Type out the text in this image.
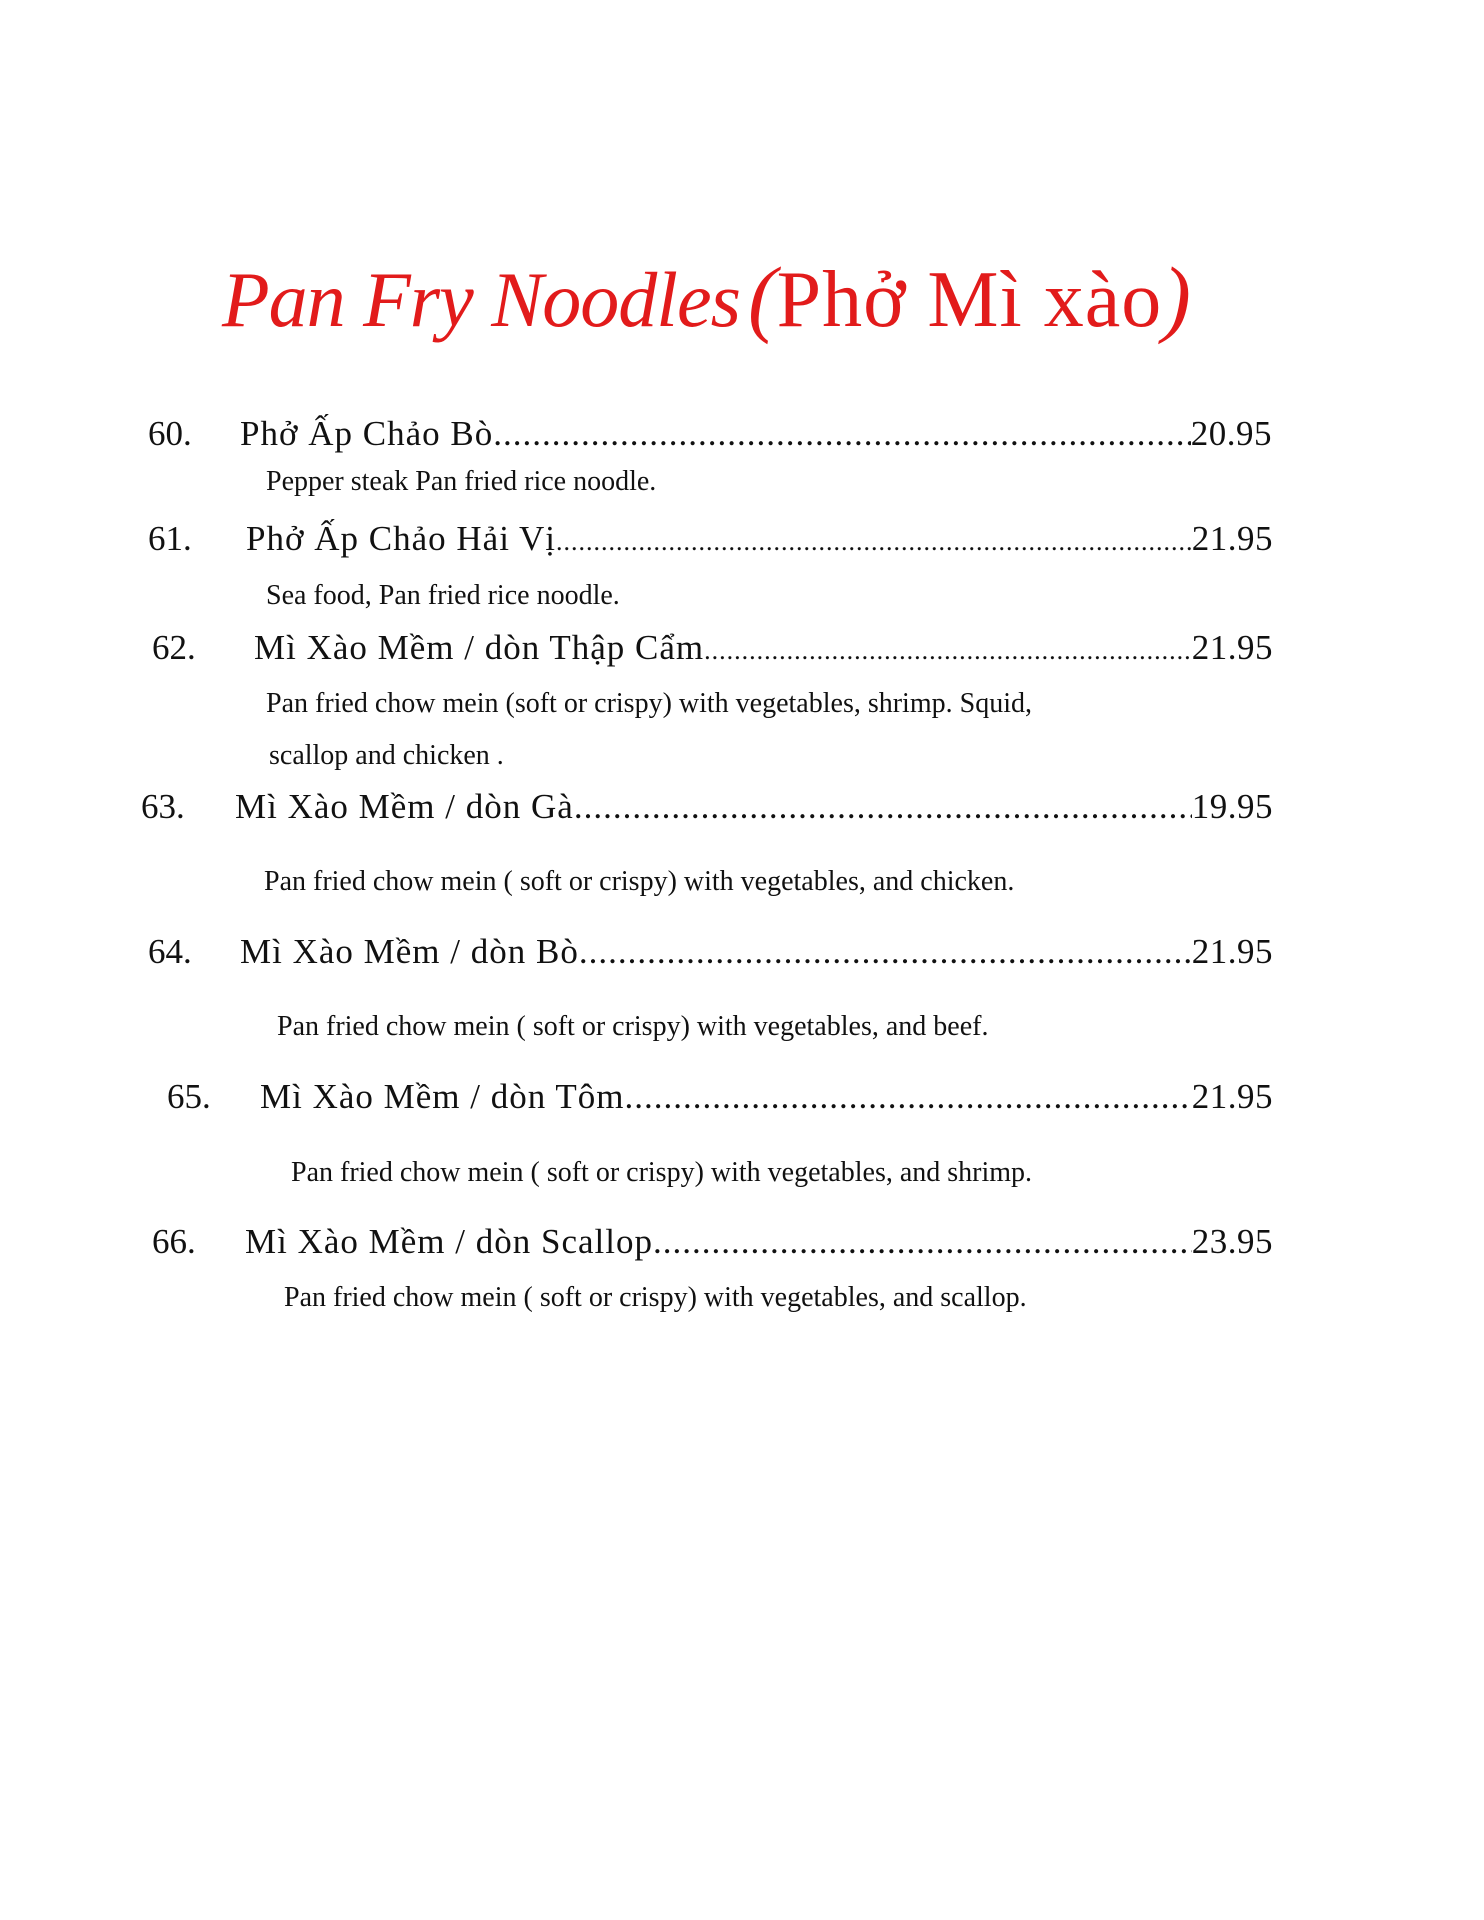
Pan Fry Noodles  (Phở Mì xào)
60.	Phở Ấp Chảo Bò .....	20.95
Pepper steak Pan fried rice noodle.
61.	Phở Ấp Chảo Hải Vị .....	21.95
Sea food, Pan fried rice noodle.
62.	Mì Xào Mềm / dòn Thập Cẩm .....	21.95
Pan fried chow mein (soft or crispy) with vegetables, shrimp. Squid,
scallop and chicken .
63.	Mì Xào Mềm / dòn Gà .....	19.95
Pan fried chow mein ( soft or crispy) with vegetables, and chicken.
64.	Mì Xào Mềm / dòn Bò .....	21.95
Pan fried chow mein ( soft or crispy) with vegetables, and beef.
65.	Mì Xào Mềm / dòn Tôm .....	21.95
Pan fried chow mein ( soft or crispy) with vegetables, and shrimp.
66.	Mì Xào Mềm / dòn Scallop .....	23.95
Pan fried chow mein ( soft or crispy) with vegetables, and scallop.
